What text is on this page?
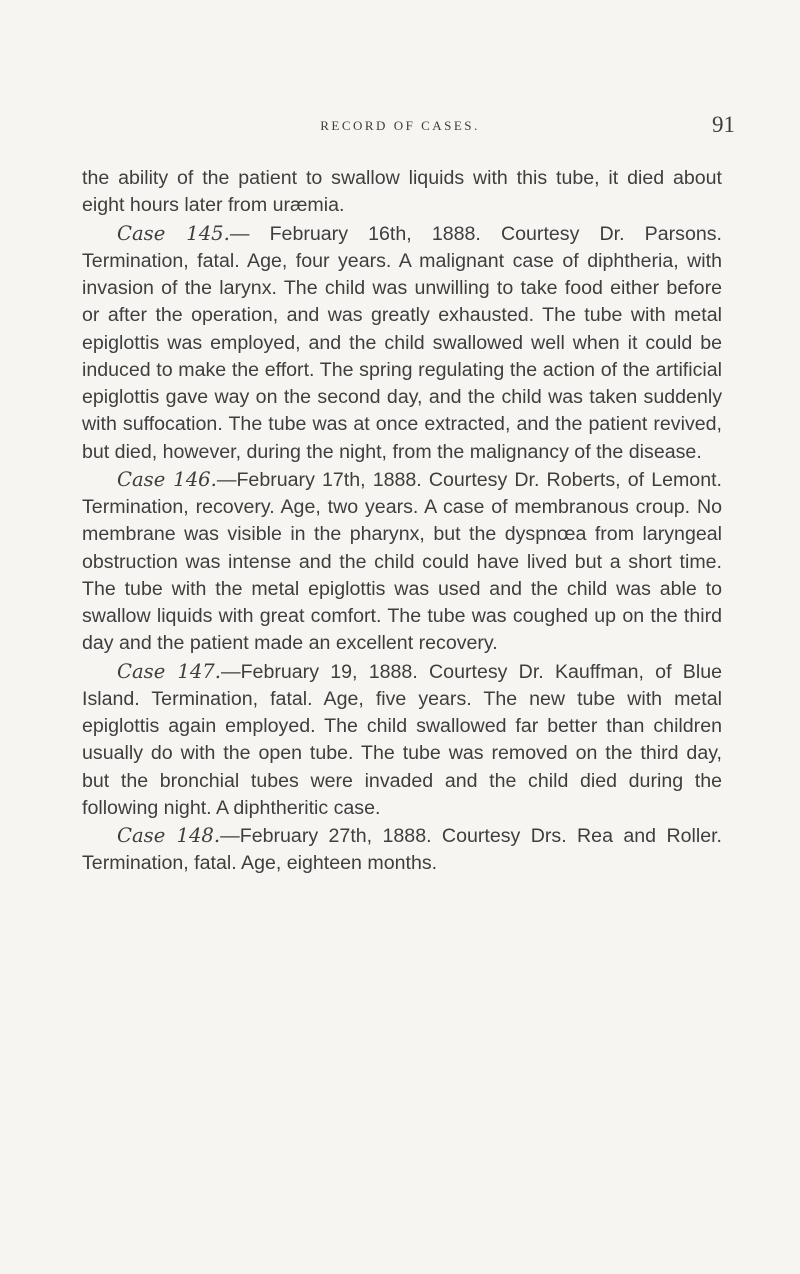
RECORD OF CASES.	91

the ability of the patient to swallow liquids with this tube, it died about eight hours later from uræmia.

Case 145.— February 16th, 1888. Courtesy Dr. Parsons. Termination, fatal. Age, four years. A malignant case of diphtheria, with invasion of the larynx. The child was unwilling to take food either before or after the operation, and was greatly exhausted. The tube with metal epiglottis was employed, and the child swallowed well when it could be induced to make the effort. The spring regulating the action of the artificial epiglottis gave way on the second day, and the child was taken suddenly with suffocation. The tube was at once extracted, and the patient revived, but died, however, during the night, from the malignancy of the disease.

Case 146.—February 17th, 1888. Courtesy Dr. Roberts, of Lemont. Termination, recovery. Age, two years. A case of membranous croup. No membrane was visible in the pharynx, but the dyspnœa from laryngeal obstruction was intense and the child could have lived but a short time. The tube with the metal epiglottis was used and the child was able to swallow liquids with great comfort. The tube was coughed up on the third day and the patient made an excellent recovery.

Case 147.—February 19, 1888. Courtesy Dr. Kauffman, of Blue Island. Termination, fatal. Age, five years. The new tube with metal epiglottis again employed. The child swallowed far better than children usually do with the open tube. The tube was removed on the third day, but the bronchial tubes were invaded and the child died during the following night. A diphtheritic case.

Case 148.—February 27th, 1888. Courtesy Drs. Rea and Roller. Termination, fatal. Age, eighteen months.
